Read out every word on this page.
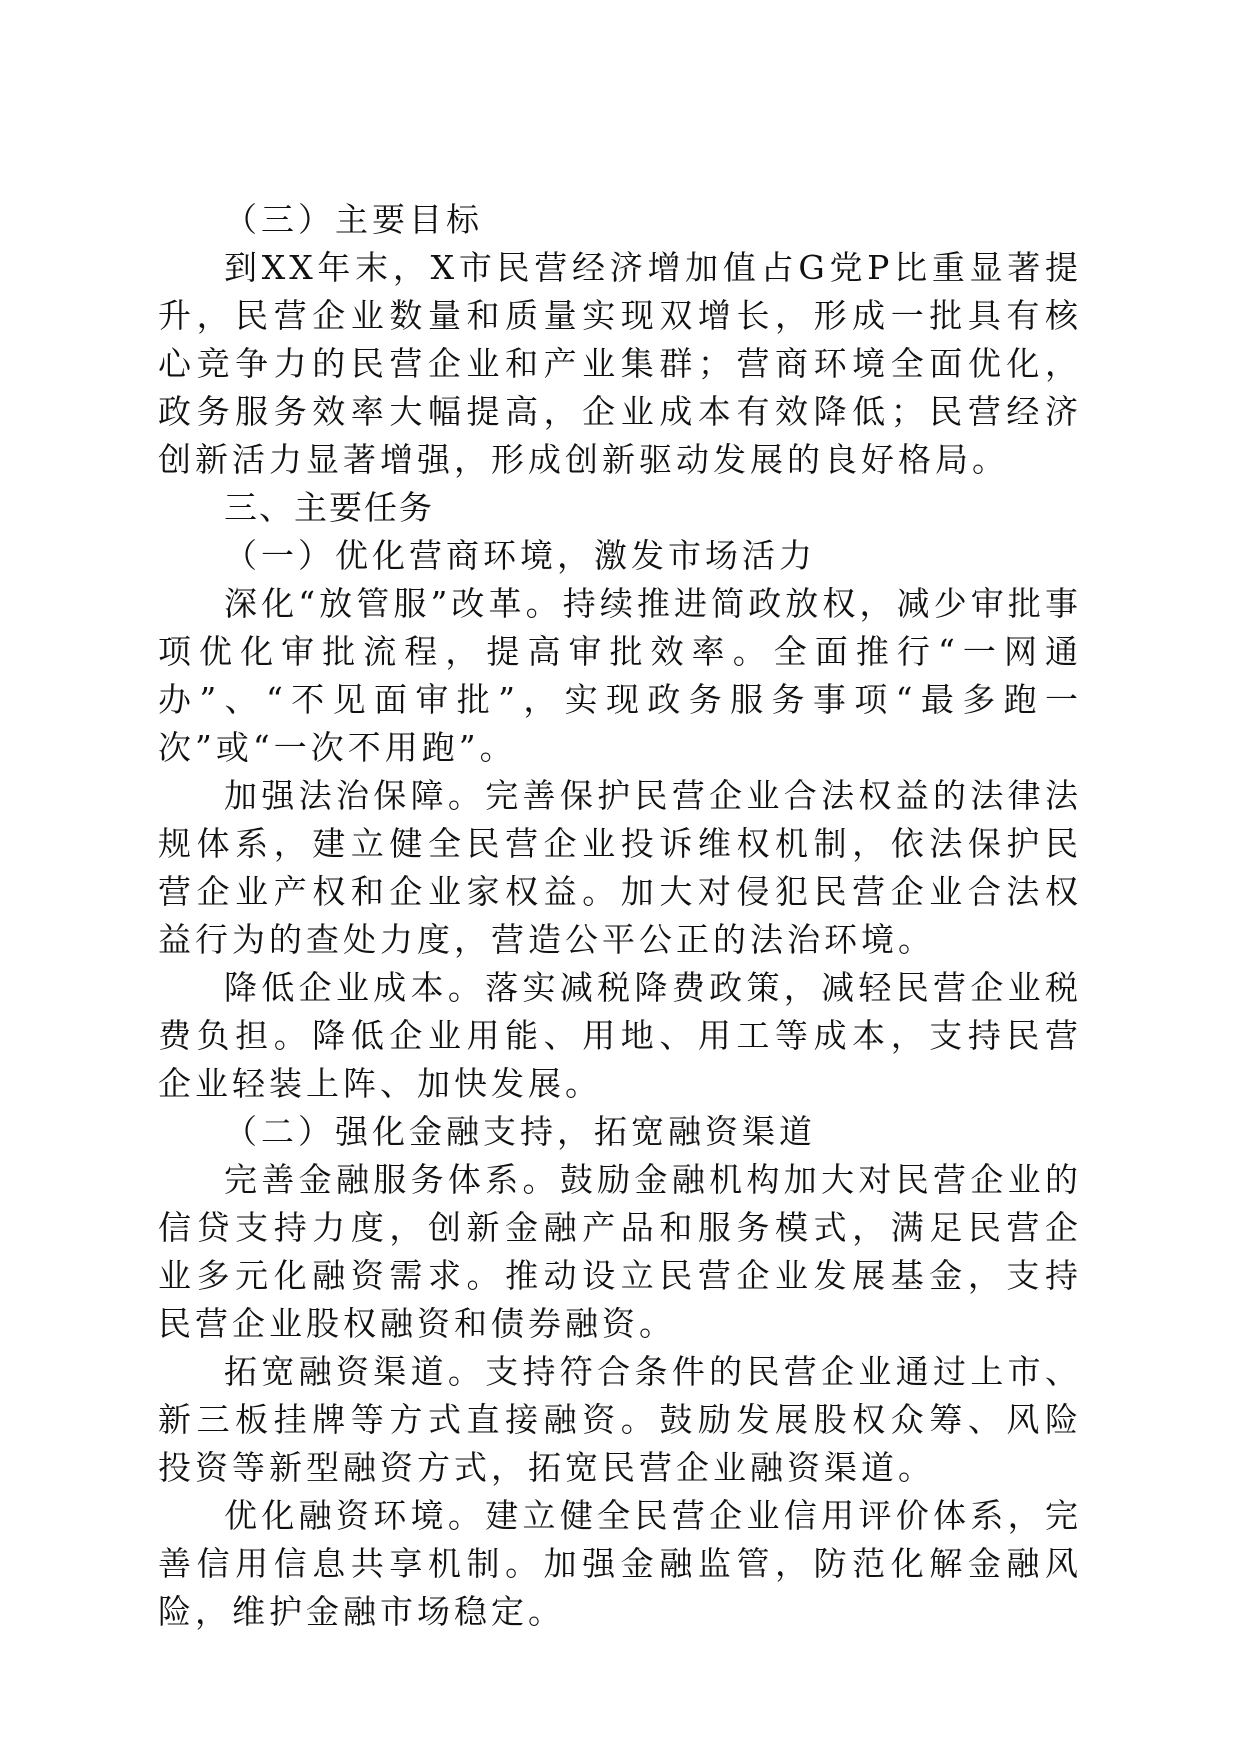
（三）主要目标

到XX年末，X市民营经济增加值占G党P比重显著提升，民营企业数量和质量实现双增长，形成一批具有核心竞争力的民营企业和产业集群；营商环境全面优化，政务服务效率大幅提高，企业成本有效降低；民营经济创新活力显著增强，形成创新驱动发展的良好格局。

三、主要任务

（一）优化营商环境，激发市场活力

深化“放管服”改革。持续推进简政放权，减少审批事项优化审批流程，提高审批效率。全面推行“一网通办”、“不见面审批”，实现政务服务事项“最多跑一次”或“一次不用跑”。

加强法治保障。完善保护民营企业合法权益的法律法规体系，建立健全民营企业投诉维权机制，依法保护民营企业产权和企业家权益。加大对侵犯民营企业合法权益行为的查处力度，营造公平公正的法治环境。

降低企业成本。落实减税降费政策，减轻民营企业税费负担。降低企业用能、用地、用工等成本，支持民营企业轻装上阵、加快发展。

（二）强化金融支持，拓宽融资渠道

完善金融服务体系。鼓励金融机构加大对民营企业的信贷支持力度，创新金融产品和服务模式，满足民营企业多元化融资需求。推动设立民营企业发展基金，支持民营企业股权融资和债券融资。

拓宽融资渠道。支持符合条件的民营企业通过上市、新三板挂牌等方式直接融资。鼓励发展股权众筹、风险投资等新型融资方式，拓宽民营企业融资渠道。

优化融资环境。建立健全民营企业信用评价体系，完善信用信息共享机制。加强金融监管，防范化解金融风险，维护金融市场稳定。
